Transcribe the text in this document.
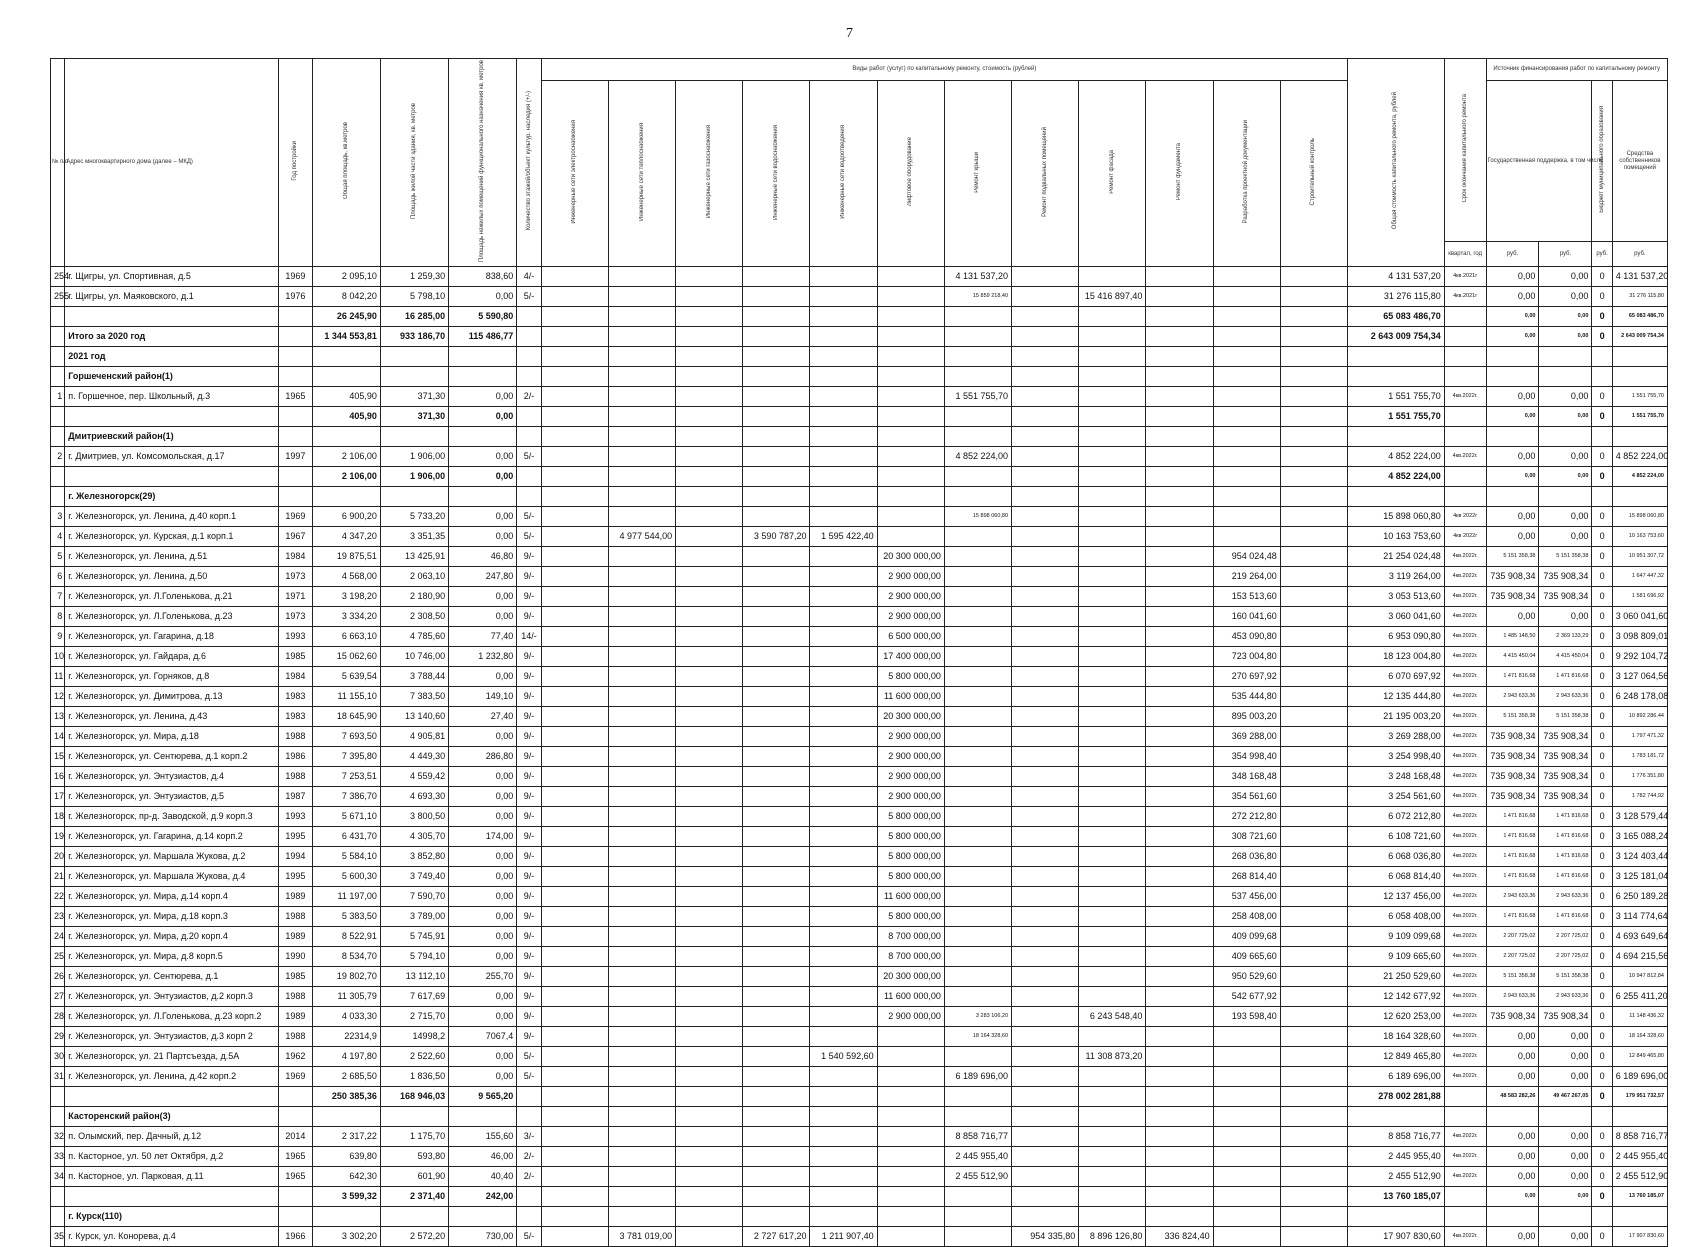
7
№ п/п	Адрес многоквартирного дома (далее – МКД)	Год постройки	Общая площадь, кв.метров	Площадь жилой части здания, кв. метров	Площадь нежилых помещений функционального назначения кв. метров	Количество этажей/объект культур. наследия (+/-)	Виды работ (услуг) по капитальному ремонту, стоимость (рублей)												Общая стоимость капитального ремонта, рублей	Срок окончания капитального ремонта	Источник финансирования работ по капитальному ремонту			
							Инженерные сети электроснабжения	Инженерные сети теплоснабжения	Инженерные сети газоснабжения	Инженерные сети водоснабжения	Инженерные сети водоотведения	Лифтовое оборудование	Ремонт крыши	Ремонт подвальных помещений	Ремонт фасада	Ремонт фундамента	Разработка проектной документации	Строительный контроль			Государственная поддержка, в том числе		Бюджет муниципального образования	Средства собственников помещений
																				квартал, год	руб.	руб.	руб.	руб.
254	г. Щигры, ул. Спортивная, д.5	1969	2 095,10	1 259,30	838,60	4/-							4 131 537,20						4 131 537,20	4кв.2021г	0,00	0,00	0	4 131 537,20
255	г. Щигры, ул. Маяковского, д.1	1976	8 042,20	5 798,10	0,00	5/-							15 859 218,40		15 416 897,40				31 276 115,80	4кв.2021г	0,00	0,00	0	31 276 115,80
			26 245,90	16 285,00	5 590,80														65 083 486,70		0,00	0,00	0	65 083 486,70
	Итого за 2020 год		1 344 553,81	933 186,70	115 486,77														2 643 009 754,34		0,00	0,00	0	2 643 009 754,34
	2021 год																							
	Горшеченский район(1)																							
1	п. Горшечное, пер. Школьный, д.3	1965	405,90	371,30	0,00	2/-							1 551 755,70						1 551 755,70	4кв.2022г.	0,00	0,00	0	1 551 755,70
			405,90	371,30	0,00														1 551 755,70		0,00	0,00	0	1 551 755,70
	Дмитриевский район(1)																							
2	г. Дмитриев, ул. Комсомольская, д.17	1997	2 106,00	1 906,00	0,00	5/-							4 852 224,00						4 852 224,00	4кв.2022г.	0,00	0,00	0	4 852 224,00
			2 106,00	1 906,00	0,00														4 852 224,00		0,00	0,00	0	4 852 224,00
	г. Железногорск(29)																							
3	г. Железногорск, ул. Ленина, д.40 корп.1	1969	6 900,20	5 733,20	0,00	5/-							15 898 060,80						15 898 060,80	4кв 2022г	0,00	0,00	0	15 898 060,80
4	г. Железногорск, ул. Курская, д.1 корп.1	1967	4 347,20	3 351,35	0,00	5/-		4 977 544,00		3 590 787,20	1 595 422,40								10 163 753,60	4кв 2022г	0,00	0,00	0	10 163 753,60
5	г. Железногорск, ул. Ленина, д.51	1984	19 875,51	13 425,91	46,80	9/-						20 300 000,00					954 024,48		21 254 024,48	4кв.2022г.	5 151 358,38	5 151 358,38	0	10 951 307,72
6	г. Железногорск, ул. Ленина, д.50	1973	4 568,00	2 063,10	247,80	9/-						2 900 000,00					219 264,00		3 119 264,00	4кв.2022г.	735 908,34	735 908,34	0	1 647 447,32
7	г. Железногорск, ул. Л.Голенькова, д.21	1971	3 198,20	2 180,90	0,00	9/-						2 900 000,00					153 513,60		3 053 513,60	4кв.2022г.	735 908,34	735 908,34	0	1 581 696,92
8	г. Железногорск, ул. Л.Голенькова, д.23	1973	3 334,20	2 308,50	0,00	9/-						2 900 000,00					160 041,60		3 060 041,60	4кв.2022г.	0,00	0,00	0	3 060 041,60
9	г. Железногорск, ул. Гагарина, д.18	1993	6 663,10	4 785,60	77,40	14/-						6 500 000,00					453 090,80		6 953 090,80	4кв.2022г.	1 485 148,50	2 369 133,29	0	3 098 809,01
10	г. Железногорск, ул. Гайдара, д.6	1985	15 062,60	10 746,00	1 232,80	9/-						17 400 000,00					723 004,80		18 123 004,80	4кв.2022г.	4 415 450,04	4 415 450,04	0	9 292 104,72
11	г. Железногорск, ул. Горняков, д.8	1984	5 639,54	3 788,44	0,00	9/-						5 800 000,00					270 697,92		6 070 697,92	4кв.2022г.	1 471 816,68	1 471 816,68	0	3 127 064,56
12	г. Железногорск, ул. Димитрова, д.13	1983	11 155,10	7 383,50	149,10	9/-						11 600 000,00					535 444,80		12 135 444,80	4кв.2022г.	2 943 633,36	2 943 633,36	0	6 248 178,08
13	г. Железногорск, ул. Ленина, д.43	1983	18 645,90	13 140,60	27,40	9/-						20 300 000,00					895 003,20		21 195 003,20	4кв.2022г.	5 151 358,38	5 151 358,38	0	10 892 286,44
14	г. Железногорск, ул. Мира, д.18	1988	7 693,50	4 905,81	0,00	9/-						2 900 000,00					369 288,00		3 269 288,00	4кв.2022г.	735 908,34	735 908,34	0	1 797 471,32
15	г. Железногорск, ул. Сентюрева, д.1 корп.2	1986	7 395,80	4 449,30	286,80	9/-						2 900 000,00					354 998,40		3 254 998,40	4кв.2022г.	735 908,34	735 908,34	0	1 783 181,72
16	г. Железногорск, ул. Энтузиастов, д.4	1988	7 253,51	4 559,42	0,00	9/-						2 900 000,00					348 168,48		3 248 168,48	4кв.2022г.	735 908,34	735 908,34	0	1 776 351,80
17	г. Железногорск, ул. Энтузиастов, д.5	1987	7 386,70	4 693,30	0,00	9/-						2 900 000,00					354 561,60		3 254 561,60	4кв.2022г.	735 908,34	735 908,34	0	1 782 744,92
18	г. Железногорск, пр-д. Заводской, д.9 корп.3	1993	5 671,10	3 800,50	0,00	9/-						5 800 000,00					272 212,80		6 072 212,80	4кв.2022г.	1 471 816,68	1 471 816,68	0	3 128 579,44
19	г. Железногорск, ул. Гагарина, д.14 корп.2	1995	6 431,70	4 305,70	174,00	9/-						5 800 000,00					308 721,60		6 108 721,60	4кв.2022г.	1 471 816,68	1 471 816,68	0	3 165 088,24
20	г. Железногорск, ул. Маршала Жукова, д.2	1994	5 584,10	3 852,80	0,00	9/-						5 800 000,00					268 036,80		6 068 036,80	4кв.2022г.	1 471 816,68	1 471 816,68	0	3 124 403,44
21	г. Железногорск, ул. Маршала Жукова, д.4	1995	5 600,30	3 749,40	0,00	9/-						5 800 000,00					268 814,40		6 068 814,40	4кв.2022г.	1 471 816,68	1 471 816,68	0	3 125 181,04
22	г. Железногорск, ул. Мира, д.14 корп.4	1989	11 197,00	7 590,70	0,00	9/-						11 600 000,00					537 456,00		12 137 456,00	4кв.2022г.	2 943 633,36	2 943 633,36	0	6 250 189,28
23	г. Железногорск, ул. Мира, д.18 корп.3	1988	5 383,50	3 789,00	0,00	9/-						5 800 000,00					258 408,00		6 058 408,00	4кв.2022г.	1 471 816,68	1 471 816,68	0	3 114 774,64
24	г. Железногорск, ул. Мира, д.20 корп.4	1989	8 522,91	5 745,91	0,00	9/-						8 700 000,00					409 099,68		9 109 099,68	4кв.2022г.	2 207 725,02	2 207 725,02	0	4 693 649,64
25	г. Железногорск, ул. Мира, д.8 корп.5	1990	8 534,70	5 794,10	0,00	9/-						8 700 000,00					409 665,60		9 109 665,60	4кв.2022г.	2 207 725,02	2 207 725,02	0	4 694 215,56
26	г. Железногорск, ул. Сентюрева, д.1	1985	19 802,70	13 112,10	255,70	9/-						20 300 000,00					950 529,60		21 250 529,60	4кв.2022г.	5 151 358,38	5 151 358,38	0	10 947 812,84
27	г. Железногорск, ул. Энтузиастов, д.2 корп.3	1988	11 305,79	7 617,69	0,00	9/-						11 600 000,00					542 677,92		12 142 677,92	4кв.2022г.	2 943 633,36	2 943 633,36	0	6 255 411,20
28	г. Железногорск, ул. Л.Голенькова, д.23 корп.2	1989	4 033,30	2 715,70	0,00	9/-						2 900 000,00	3 283 106,20		6 243 548,40		193 598,40		12 620 253,00	4кв.2022г.	735 908,34	735 908,34	0	11 148 436,32
29	г. Железногорск, ул. Энтузиастов, д.3 корп 2	1988	22314,9	14998,2	7067,4	9/-							18 164 328,60						18 164 328,60	4кв.2022г.	0,00	0,00	0	18 164 328,60
30	г. Железногорск, ул. 21 Партсъезда, д.5А	1962	4 197,80	2 522,60	0,00	5/-					1 540 592,60				11 308 873,20				12 849 465,80	4кв.2022г.	0,00	0,00	0	12 849 465,80
31	г. Железногорск, ул. Ленина, д.42 корп.2	1969	2 685,50	1 836,50	0,00	5/-							6 189 696,00						6 189 696,00	4кв.2022г.	0,00	0,00	0	6 189 696,00
			250 385,36	168 946,03	9 565,20														278 002 281,88		48 583 282,26	49 467 267,05	0	179 951 732,57
	Касторенский район(3)																							
32	п. Олымский, пер. Дачный, д.12	2014	2 317,22	1 175,70	155,60	3/-							8 858 716,77						8 858 716,77	4кв.2022г.	0,00	0,00	0	8 858 716,77
33	п. Касторное, ул. 50 лет Октября, д.2	1965	639,80	593,80	46,00	2/-							2 445 955,40						2 445 955,40	4кв.2022г.	0,00	0,00	0	2 445 955,40
34	п. Касторное, ул. Парковая, д.11	1965	642,30	601,90	40,40	2/-							2 455 512,90						2 455 512,90	4кв.2022г.	0,00	0,00	0	2 455 512,90
			3 599,32	2 371,40	242,00														13 760 185,07		0,00	0,00	0	13 760 185,07
	г. Курск(110)																							
35	г. Курск, ул. Конорева, д.4	1966	3 302,20	2 572,20	730,00	5/-		3 781 019,00		2 727 617,20	1 211 907,40			954 335,80	8 896 126,80	336 824,40			17 907 830,60	4кв.2022г.	0,00	0,00	0	17 907 830,60
